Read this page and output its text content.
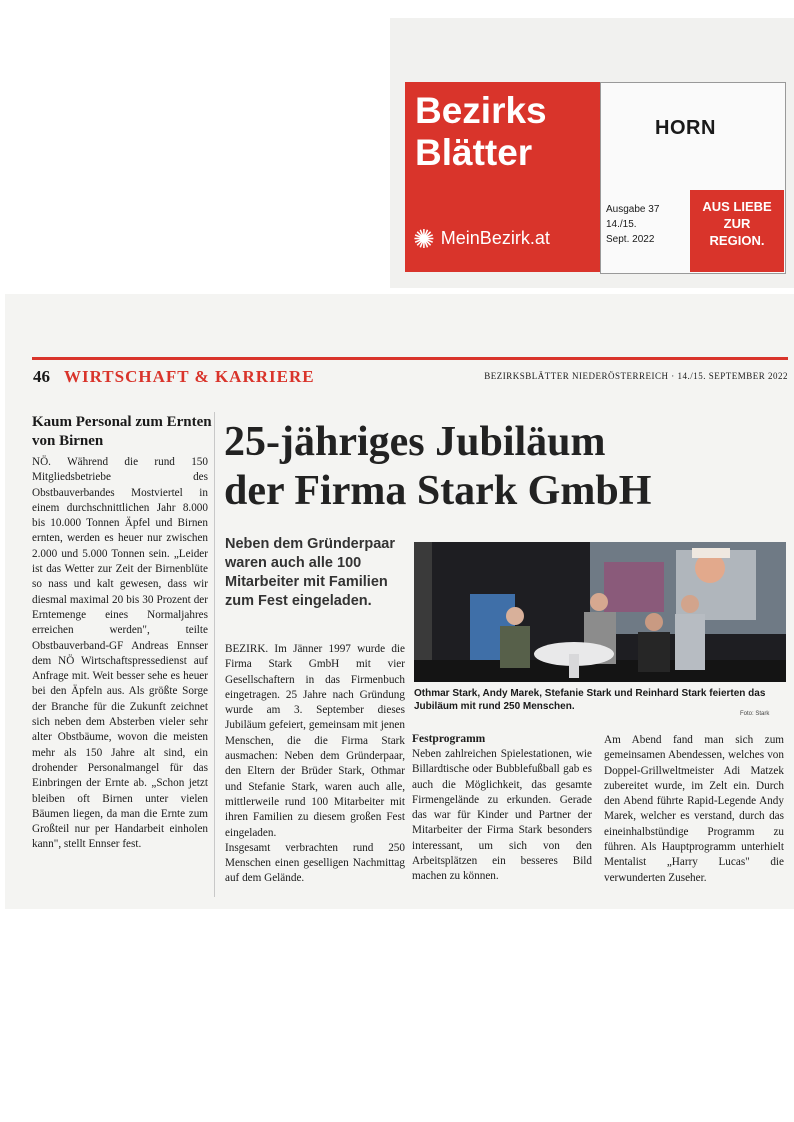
Bezirks
Blätter
✺ MeinBezirk.at
HORN
Ausgabe 37
14./15.
Sept. 2022
AUS LIEBE
ZUR
REGION.
46 WIRTSCHAFT & KARRIERE	BEZIRKSBLÄTTER NIEDERÖSTERREICH · 14./15. SEPTEMBER 2022
Kaum Personal zum Ernten von Birnen
NÖ. Während die rund 150 Mitgliedsbetriebe des Obstbauverbandes Mostviertel in einem durchschnittlichen Jahr 8.000 bis 10.000 Tonnen Äpfel und Birnen ernten, werden es heuer nur zwischen 2.000 und 5.000 Tonnen sein. „Leider ist das Wetter zur Zeit der Birnenblüte so nass und kalt gewesen, dass wir diesmal maximal 20 bis 30 Prozent der Erntemenge eines Normaljahres erreichen werden", teilte Obstbauverband-GF Andreas Ennser dem NÖ Wirtschaftspressedienst auf Anfrage mit. Weit besser sehe es heuer bei den Äpfeln aus. Als größte Sorge der Branche für die Zukunft zeichnet sich neben dem Absterben vieler sehr alter Obstbäume, wovon die meisten mehr als 150 Jahre alt sind, ein drohender Personalmangel für das Einbringen der Ernte ab. „Schon jetzt bleiben oft Birnen unter vielen Bäumen liegen, da man die Ernte zum Großteil nur per Handarbeit einholen kann", stellt Ennser fest.
25-jähriges Jubiläum
der Firma Stark GmbH
Neben dem Gründerpaar waren auch alle 100 Mitarbeiter mit Familien zum Fest eingeladen.

BEZIRK. Im Jänner 1997 wurde die Firma Stark GmbH mit vier Gesellschaftern in das Firmenbuch eingetragen. 25 Jahre nach Gründung wurde am 3. September dieses Jubiläum gefeiert, gemeinsam mit jenen Menschen, die die Firma Stark ausmachen: Neben dem Gründerpaar, den Eltern der Brüder Stark, Othmar und Stefanie Stark, waren auch alle, mittlerweile rund 100 Mitarbeiter mit ihren Familien zu diesem großen Fest eingeladen.

Insgesamt verbrachten rund 250 Menschen einen geselligen Nachmittag auf dem Gelände.

Othmar Stark, Andy Marek, Stefanie Stark und Reinhard Stark feierten das Jubiläum mit rund 250 Menschen.
Foto: Stark
Festprogramm
Neben zahlreichen Spielestationen, wie Billardtische oder Bubblefußball gab es auch die Möglichkeit, das gesamte Firmengelände zu erkunden. Gerade das war für Kinder und Partner der Mitarbeiter der Firma Stark besonders interessant, um sich von den Arbeitsplätzen ein besseres Bild machen zu können.
Am Abend fand man sich zum gemeinsamen Abendessen, welches von Doppel-Grillweltmeister Adi Matzek zubereitet wurde, im Zelt ein. Durch den Abend führte Rapid-Legende Andy Marek, welcher es verstand, durch das eineinhalbstündige Programm zu führen. Als Hauptprogramm unterhielt Mentalist „Harry Lucas" die verwunderten Zuseher.
